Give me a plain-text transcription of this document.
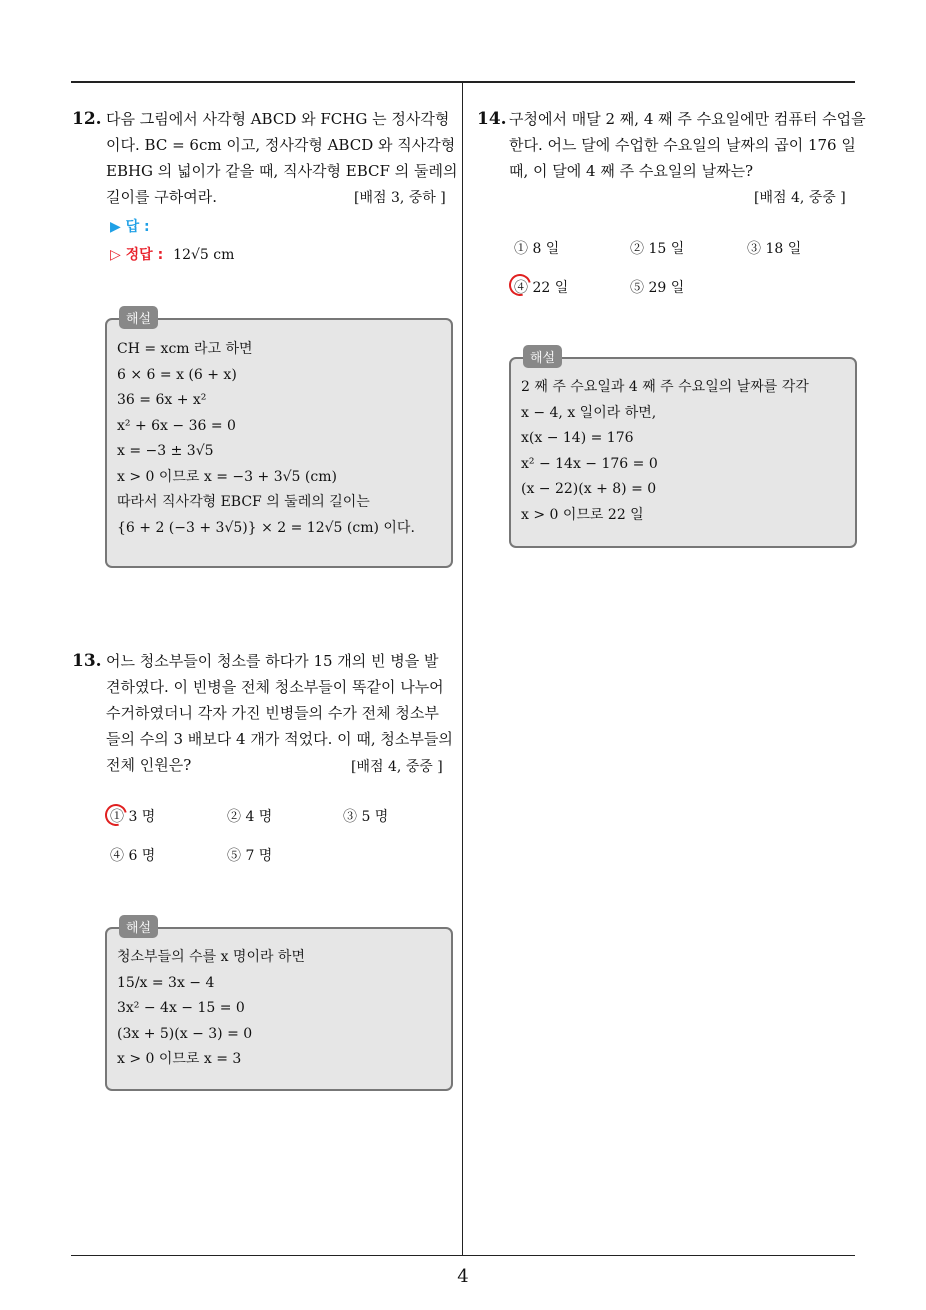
12. 다음 그림에서 사각형 ABCD 와 FCHG 는 정사각형
이다. BC = 6cm 이고, 정사각형 ABCD 와 직사각형
EBHG 의 넓이가 같을 때, 직사각형 EBCF 의 둘레의
길이를 구하여라.	[배점 3, 중하 ]
▶ 답 :
▷ 정답 : 12√5 cm
해설
CH = xcm 라고 하면
6 × 6 = x (6 + x)
36 = 6x + x²
x² + 6x − 36 = 0
x = −3 ± 3√5
x > 0 이므로 x = −3 + 3√5 (cm)
따라서 직사각형 EBCF 의 둘레의 길이는
{6 + 2 (−3 + 3√5)} × 2 = 12√5 (cm) 이다.
13. 어느 청소부들이 청소를 하다가 15 개의 빈 병을 발
견하였다. 이 빈병을 전체 청소부들이 똑같이 나누어
수거하였더니 각자 가진 빈병들의 수가 전체 청소부
들의 수의 3 배보다 4 개가 적었다. 이 때, 청소부들의
전체 인원은?	[배점 4, 중중 ]
① 3 명	② 4 명	③ 5 명
④ 6 명	⑤ 7 명
해설
청소부들의 수를 x 명이라 하면
15/x = 3x − 4
3x² − 4x − 15 = 0
(3x + 5)(x − 3) = 0
x > 0 이므로 x = 3
14. 구청에서 매달 2 째, 4 째 주 수요일에만 컴퓨터 수업을
한다. 어느 달에 수업한 수요일의 날짜의 곱이 176 일
때, 이 달에 4 째 주 수요일의 날짜는?
[배점 4, 중중 ]
① 8 일	② 15 일	③ 18 일
④ 22 일	⑤ 29 일
해설
2 째 주 수요일과 4 째 주 수요일의 날짜를 각각
x − 4, x 일이라 하면,
x(x − 14) = 176
x² − 14x − 176 = 0
(x − 22)(x + 8) = 0
x > 0 이므로 22 일
4
